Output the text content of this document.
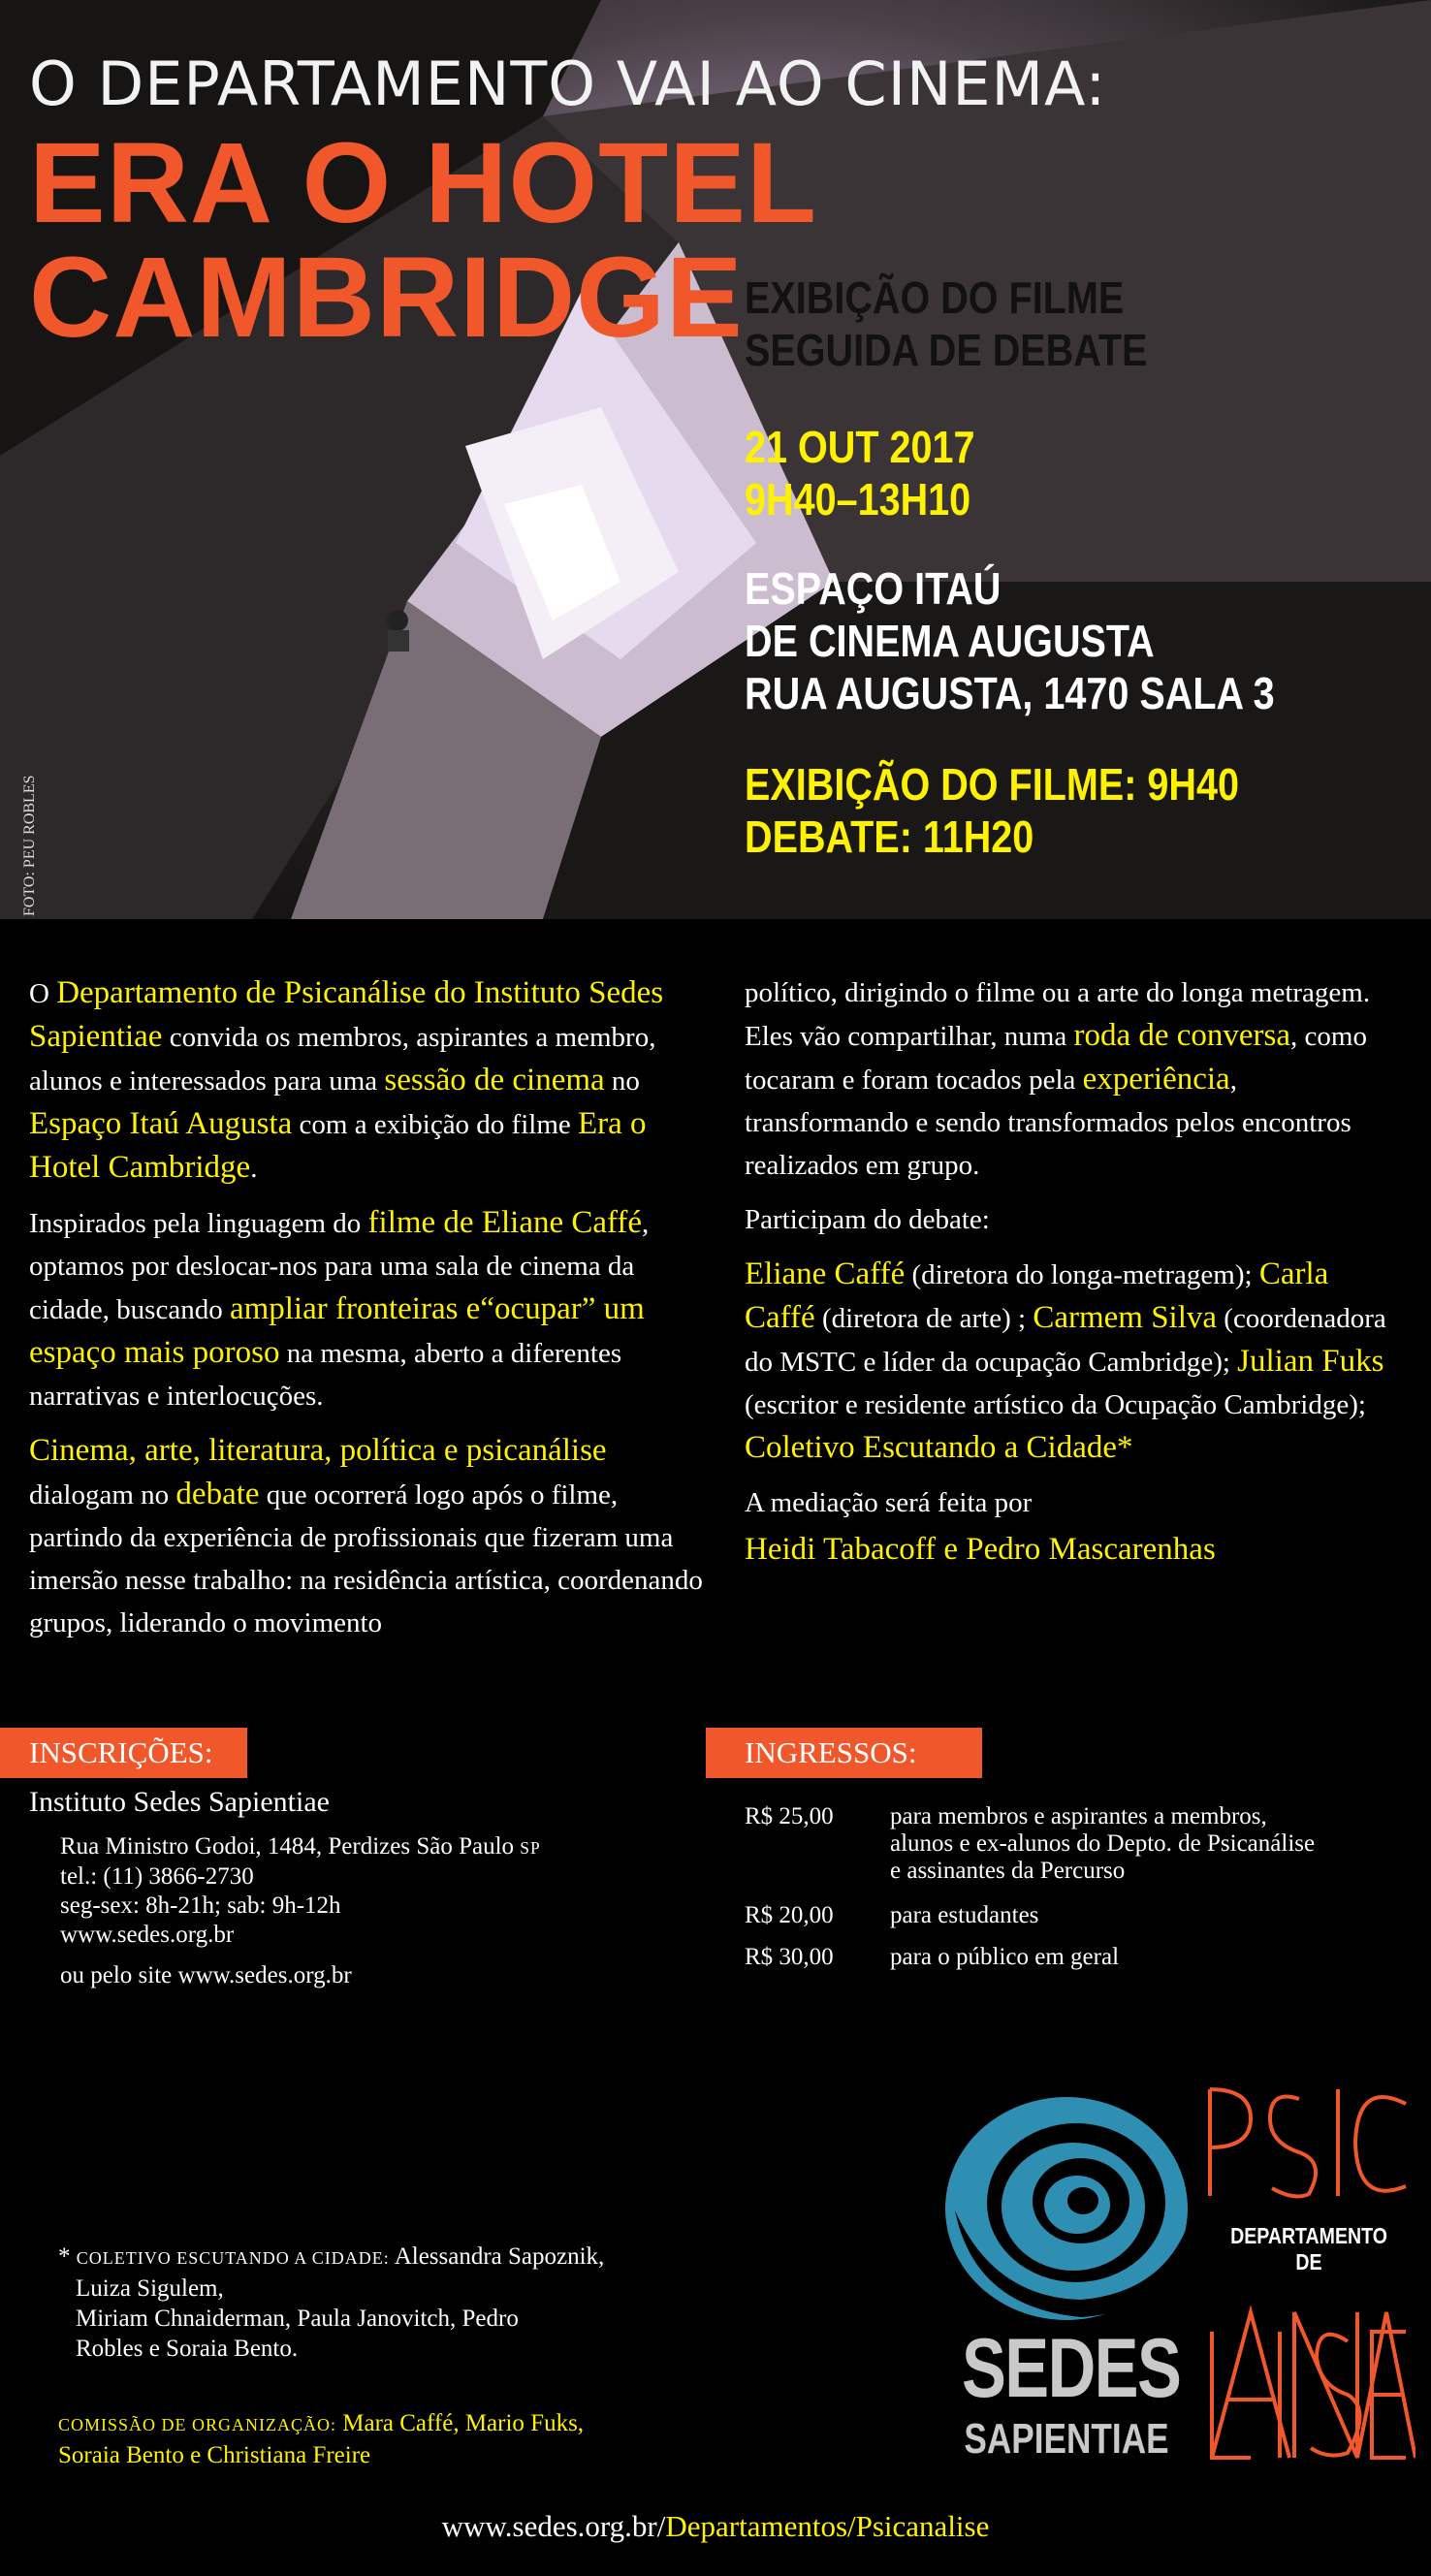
O DEPARTAMENTO VAI AO CINEMA:
ERA O HOTEL CAMBRIDGE EXIBIÇÃO DO FILME
SEGUIDA DE DEBATE
21 OUT 2017
9H40–13H10
ESPAÇO ITAÚ
DE CINEMA AUGUSTA
RUA AUGUSTA, 1470 SALA 3
EXIBIÇÃO DO FILME: 9H40
DEBATE: 11H20
FOTO: PEU ROBLES

O Departamento de Psicanálise do Instituto Sedes Sapientiae convida os membros, aspirantes a membro, alunos e interessados para uma sessão de cinema no Espaço Itaú Augusta com a exibição do filme Era o Hotel Cambridge.

Inspirados pela linguagem do filme de Eliane Caffé, optamos por deslocar-nos para uma sala de cinema da cidade, buscando ampliar fronteiras e“ocupar” um espaço mais poroso na mesma, aberto a diferentes narrativas e interlocuções.

Cinema, arte, literatura, política e psicanálise dialogam no debate que ocorrerá logo após o filme, partindo da experiência de profissionais que fizeram uma imersão nesse trabalho: na residência artística, coordenando grupos, liderando o movimento

político, dirigindo o filme ou a arte do longa metragem. Eles vão compartilhar, numa roda de conversa, como tocaram e foram tocados pela experiência, transformando e sendo transformados pelos encontros realizados em grupo.

Participam do debate:

Eliane Caffé (diretora do longa-metragem); Carla Caffé (diretora de arte) ; Carmem Silva (coordenadora do MSTC e líder da ocupação Cambridge); Julian Fuks (escritor e residente artístico da Ocupação Cambridge); Coletivo Escutando a Cidade*

A mediação será feita por

Heidi Tabacoff e Pedro Mascarenhas

INSCRIÇÕES:
Instituto Sedes Sapientiae
Rua Ministro Godoi, 1484, Perdizes São Paulo SP
tel.: (11) 3866-2730
seg-sex: 8h-21h; sab: 9h-12h
www.sedes.org.br
ou pelo site www.sedes.org.br
INGRESSOS:
R$ 25,00	para membros e aspirantes a membros,
alunos e ex-alunos do Depto. de Psicanálise
e assinantes da Percurso
R$ 20,00	para estudantes
R$ 30,00	para o público em geral
* COLETIVO ESCUTANDO A CIDADE: Alessandra Sapoznik,
Luiza Sigulem,
Miriam Chnaiderman, Paula Janovitch, Pedro
Robles e Soraia Bento.
COMISSÃO DE ORGANIZAÇÃO: Mara Caffé, Mario Fuks,
Soraia Bento e Christiana Freire
SEDES
SAPIENTIAE
DEPARTAMENTO DE
www.sedes.org.br/Departamentos/Psicanalise
